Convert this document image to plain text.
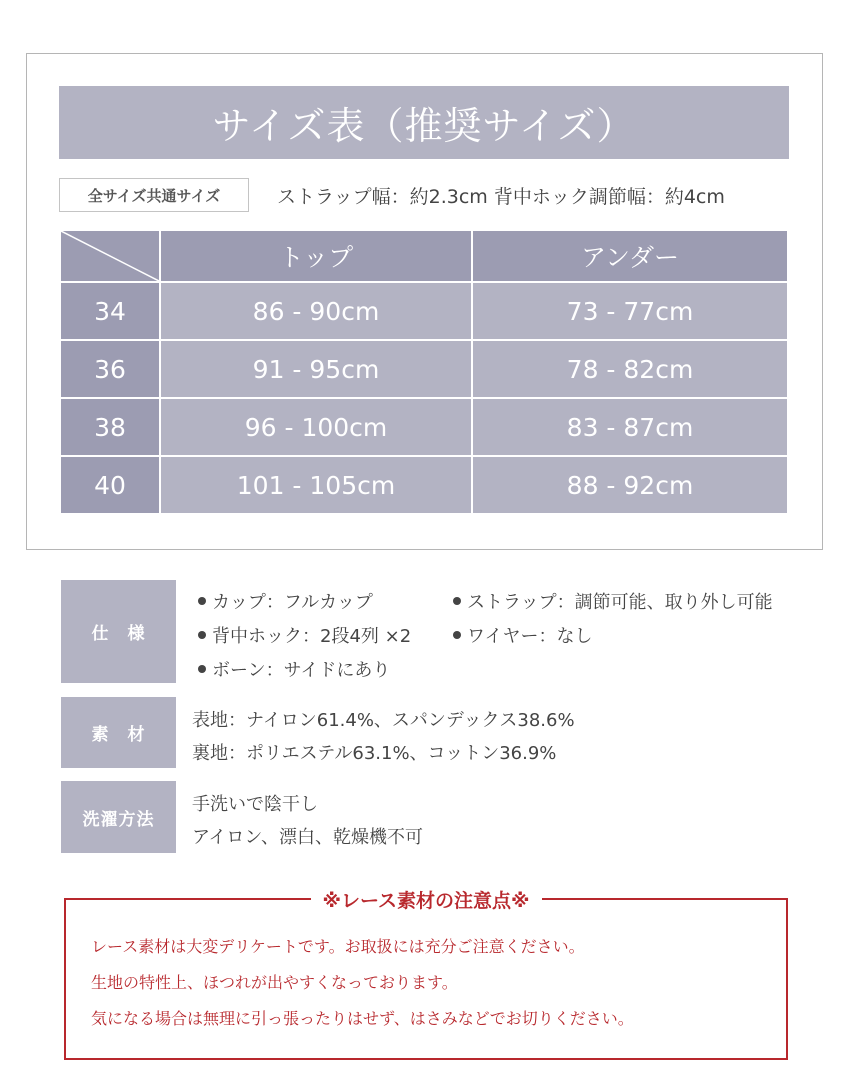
サイズ表（推奨サイズ）
全サイズ共通サイズ	ストラップ幅：約2.3cm 背中ホック調節幅：約4cm
	トップ	アンダー
34	86 - 90cm	73 - 77cm
36	91 - 95cm	78 - 82cm
38	96 - 100cm	83 - 87cm
40	101 - 105cm	88 - 92cm
仕　様
カップ：フルカップ	ストラップ：調節可能、取り外し可能
背中ホック：2段4列 ×2	ワイヤー：なし
ボーン：サイドにあり
素　材
表地：ナイロン61.4%、スパンデックス38.6%
裏地：ポリエステル63.1%、コットン36.9%
洗濯方法
手洗いで陰干し
アイロン、漂白、乾燥機不可
※レース素材の注意点※
レース素材は大変デリケートです。お取扱には充分ご注意ください。
生地の特性上、ほつれが出やすくなっております。
気になる場合は無理に引っ張ったりはせず、はさみなどでお切りください。
